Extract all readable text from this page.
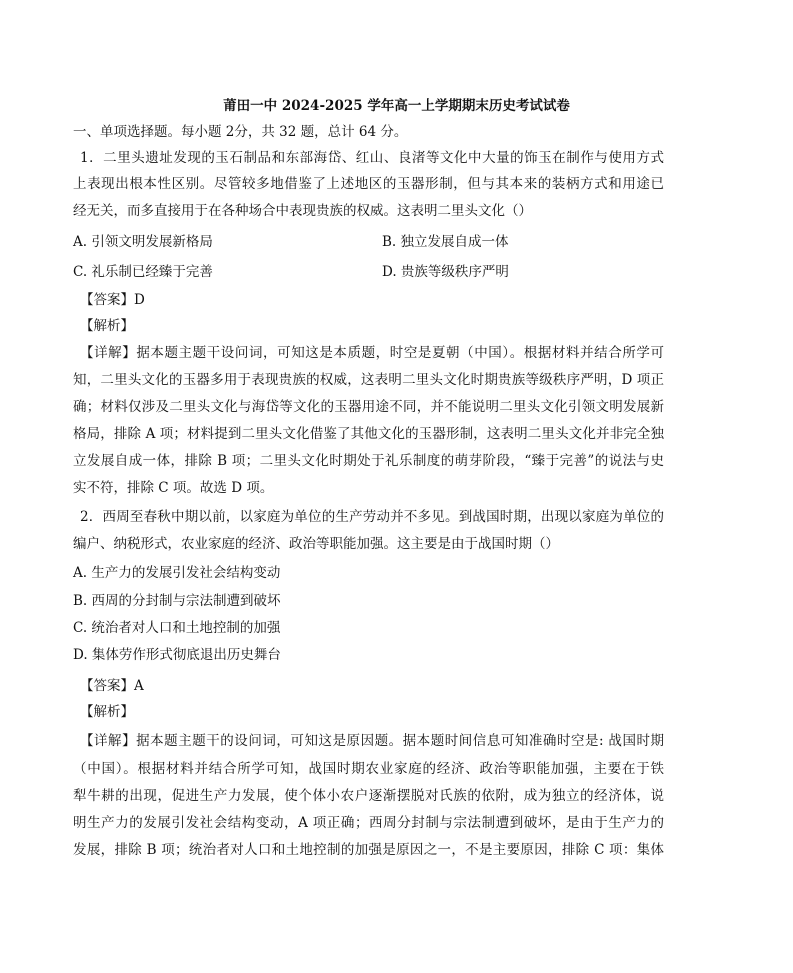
莆田一中 2024-2025 学年高一上学期期末历史考试试卷
一、单项选择题。每小题 2分，共 32 题，总计 64 分。
1．二里头遗址发现的玉石制品和东部海岱、红山、良渚等文化中大量的饰玉在制作与使用方式
上表现出根本性区别。尽管较多地借鉴了上述地区的玉器形制，但与其本来的装柄方式和用途已
经无关，而多直接用于在各种场合中表现贵族的权威。这表明二里头文化（）
A. 引领文明发展新格局	B. 独立发展自成一体
C. 礼乐制已经臻于完善	D. 贵族等级秩序严明
【答案】D
【解析】
【详解】据本题主题干设问词，可知这是本质题，时空是夏朝（中国）。根据材料并结合所学可
知，二里头文化的玉器多用于表现贵族的权威，这表明二里头文化时期贵族等级秩序严明，D 项正
确；材料仅涉及二里头文化与海岱等文化的玉器用途不同，并不能说明二里头文化引领文明发展新
格局，排除 A 项；材料提到二里头文化借鉴了其他文化的玉器形制，这表明二里头文化并非完全独
立发展自成一体，排除 B 项；二里头文化时期处于礼乐制度的萌芽阶段，“臻于完善”的说法与史
实不符，排除 C 项。故选 D 项。
2．西周至春秋中期以前，以家庭为单位的生产劳动并不多见。到战国时期，出现以家庭为单位的
编户、纳税形式，农业家庭的经济、政治等职能加强。这主要是由于战国时期（）
A. 生产力的发展引发社会结构变动
B. 西周的分封制与宗法制遭到破坏
C. 统治者对人口和土地控制的加强
D. 集体劳作形式彻底退出历史舞台
【答案】A
【解析】
【详解】据本题主题干的设问词，可知这是原因题。据本题时间信息可知准确时空是: 战国时期
（中国）。根据材料并结合所学可知，战国时期农业家庭的经济、政治等职能加强，主要在于铁
犁牛耕的出现，促进生产力发展，使个体小农户逐渐摆脱对氏族的依附，成为独立的经济体，说
明生产力的发展引发社会结构变动，A 项正确；西周分封制与宗法制遭到破坏，是由于生产力的
发展，排除 B 项；统治者对人口和土地控制的加强是原因之一，不是主要原因，排除 C 项：集体
